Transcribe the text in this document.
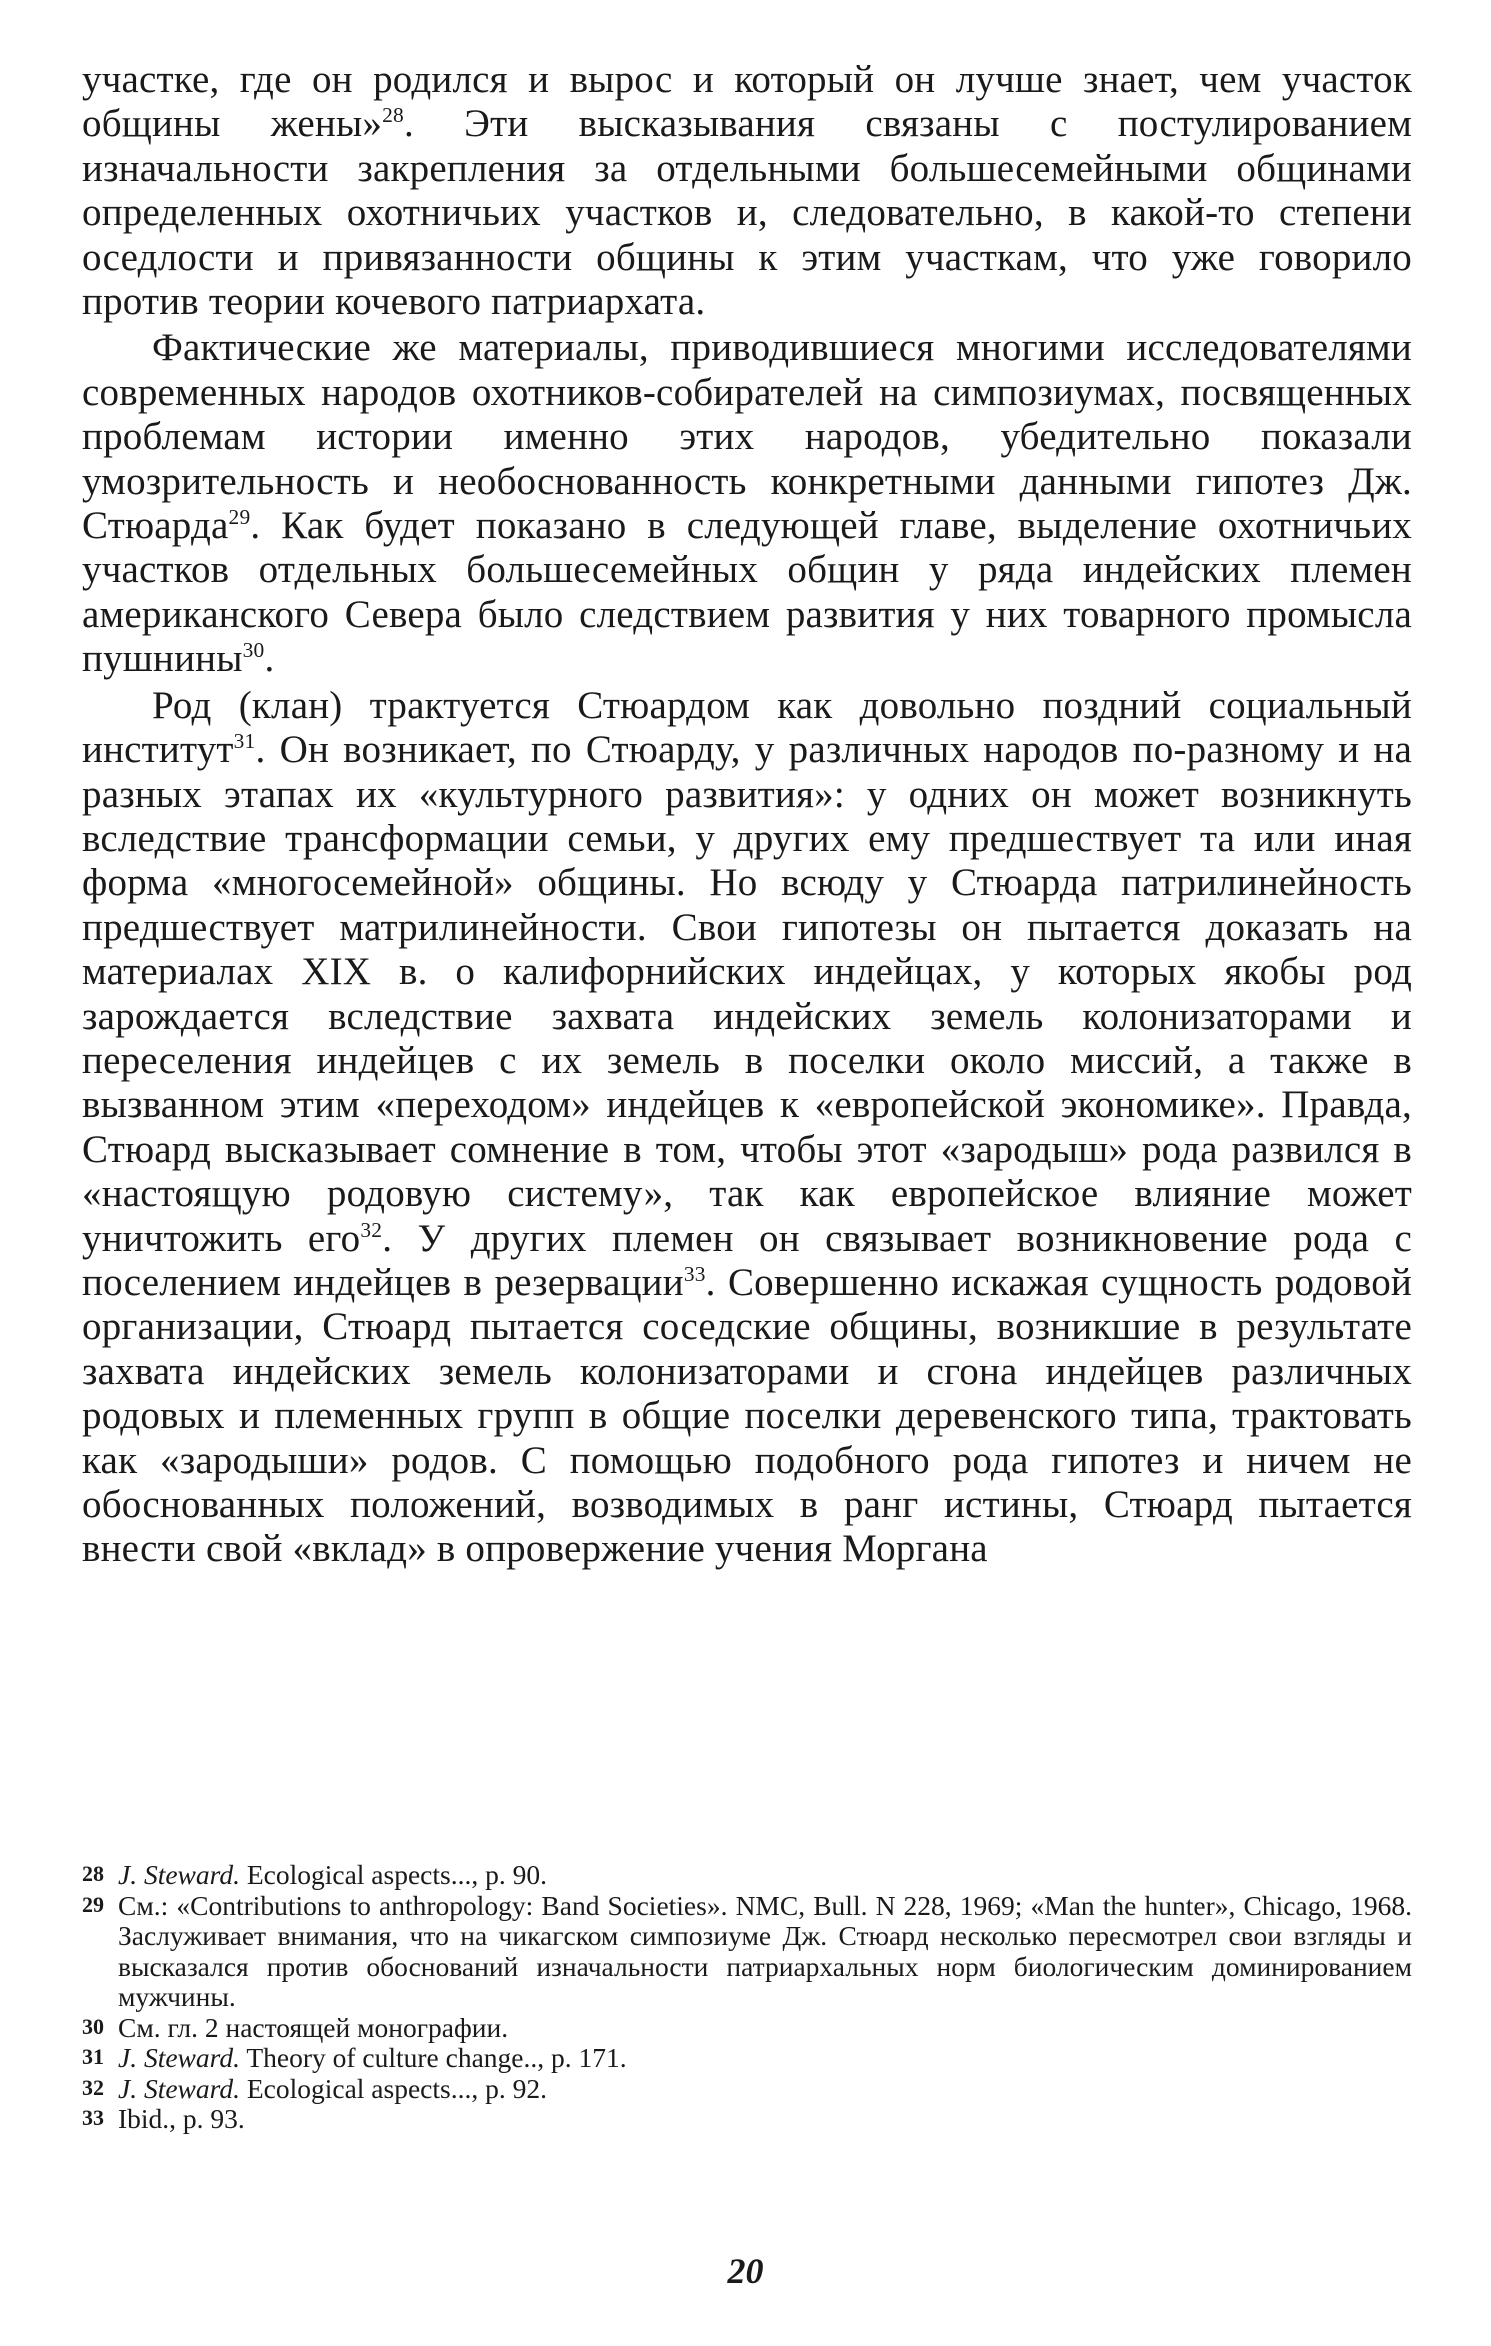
участке, где он родился и вырос и который он лучше знает, чем участок общины жены»$^{28}$. Эти высказывания связаны с постулированием изначальности закрепления за отдельными большесемейными общинами определенных охотничьих участков и, следовательно, в какой-то степени оседлости и привязанности общины к этим участкам, что уже говорило против теории кочевого патриархата.

Фактические же материалы, приводившиеся многими исследователями современных народов охотников-собирателей на симпозиумах, посвященных проблемам истории именно этих народов, убедительно показали умозрительность и необоснованность конкретными данными гипотез Дж. Стюарда$^{29}$. Как будет показано в следующей главе, выделение охотничьих участков отдельных большесемейных общин у ряда индейских племен американского Севера было следствием развития у них товарного промысла пушнины$^{30}$.

Род (клан) трактуется Стюардом как довольно поздний социальный институт$^{31}$. Он возникает, по Стюарду, у различных народов по-разному и на разных этапах их «культурного развития»: у одних он может возникнуть вследствие трансформации семьи, у других ему предшествует та или иная форма «многосемейной» общины. Но всюду у Стюарда патрилинейность предшествует матрилинейности. Свои гипотезы он пытается доказать на материалах XIX в. о калифорнийских индейцах, у которых якобы род зарождается вследствие захвата индейских земель колонизаторами и переселения индейцев с их земель в поселки около миссий, а также в вызванном этим «переходом» индейцев к «европейской экономике». Правда, Стюард высказывает сомнение в том, чтобы этот «зародыш» рода развился в «настоящую родовую систему», так как европейское влияние может уничтожить его$^{32}$. У других племен он связывает возникновение рода с поселением индейцев в резервации$^{33}$. Совершенно искажая сущность родовой организации, Стюард пытается соседские общины, возникшие в результате захвата индейских земель колонизаторами и сгона индейцев различных родовых и племенных групп в общие поселки деревенского типа, трактовать как «зародыши» родов. С помощью подобного рода гипотез и ничем не обоснованных положений, возводимых в ранг истины, Стюард пытается внести свой «вклад» в опровержение учения Моргана

28 J. Steward. Ecological aspects..., p. 90.
29 См.: «Contributions to anthropology: Band Societies». NMC, Bull. N 228, 1969; «Man the hunter», Chicago, 1968. Заслуживает внимания, что на чикагском симпозиуме Дж. Стюард несколько пересмотрел свои взгляды и высказался против обоснований изначальности патриархальных норм биологическим доминированием мужчины.
30 См. гл. 2 настоящей монографии.
31 J. Steward. Theory of culture change.., p. 171.
32 J. Steward. Ecological aspects..., p. 92.
33 Ibid., p. 93.
20
